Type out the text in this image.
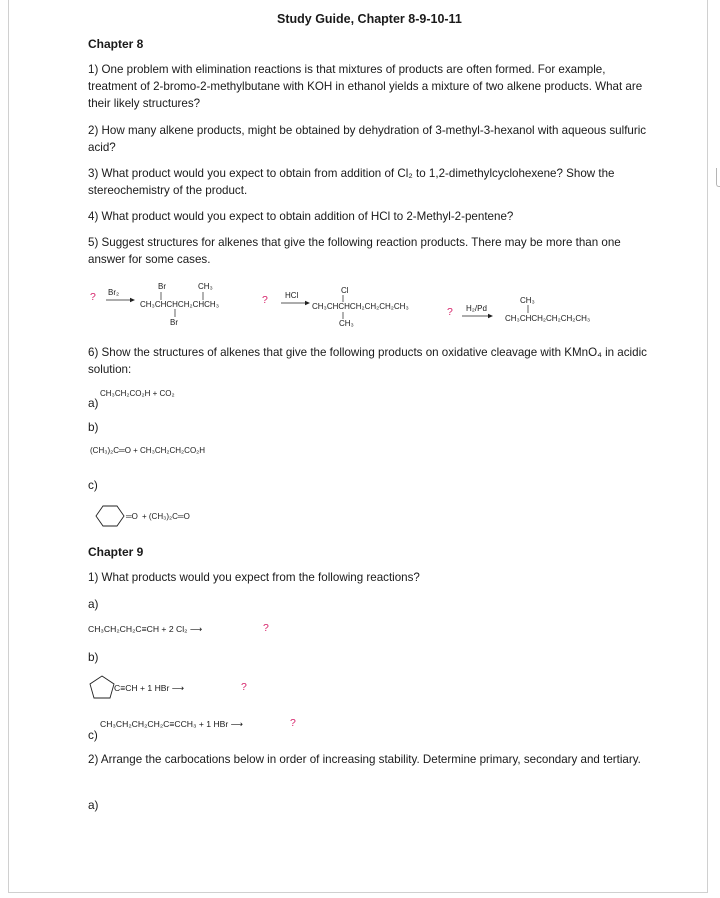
Study Guide, Chapter 8-9-10-11
Chapter 8
1) One problem with elimination reactions is that mixtures of products are often formed. For example, treatment of 2-bromo-2-methylbutane with KOH in ethanol yields a mixture of two alkene products. What are their likely structures?
2) How many alkene products, might be obtained by dehydration of 3-methyl-3-hexanol with aqueous sulfuric acid?
3) What product would you expect to obtain from addition of Cl₂ to 1,2-dimethylcyclohexene? Show the stereochemistry of the product.
4) What product would you expect to obtain addition of HCl to 2-Methyl-2-pentene?
5) Suggest structures for alkenes that give the following reaction products. There may be more than one answer for some cases.
? Br₂
Br	CH₃
CH₃CHCHCH₂CHCH₃
Br
? HCl
Cl
CH₃CHCHCH₂CH₂CH₂CH₃
CH₃
? H₂/Pd
CH₃
CH₃CHCH₂CH₂CH₂CH₃
6) Show the structures of alkenes that give the following products on oxidative cleavage with KMnO₄ in acidic solution:
a)
CH₃CH₂CO₂H + CO₂
b)
(CH₃)₂C═O + CH₃CH₂CH₂CO₂H
c)
═O + (CH₃)₂C═O
Chapter 9
1) What products would you expect from the following reactions?
a)
CH₃CH₂CH₂C≡CH + 2 Cl₂ ⟶	?
b)
C≡CH + 1 HBr ⟶	?
c)
CH₃CH₂CH₂CH₂C≡CCH₃ + 1 HBr ⟶	?
2) Arrange the carbocations below in order of increasing stability. Determine primary, secondary and tertiary.
a)
